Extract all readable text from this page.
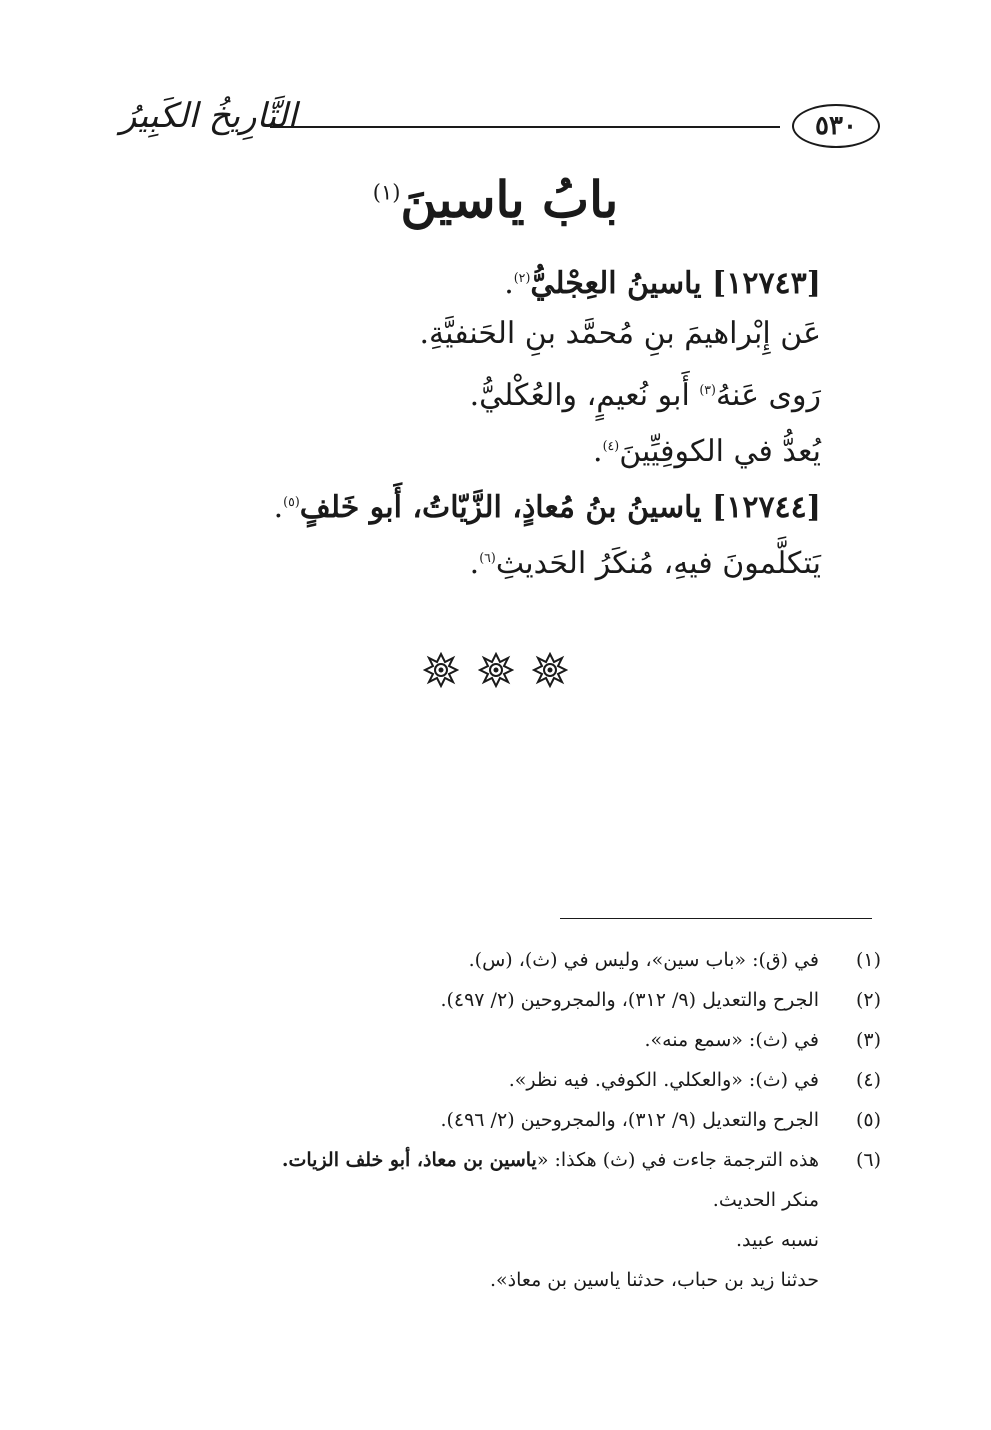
٥٣٠
التَّارِيخُ الكَبِيرُ
بابُ ياسينَ$^{(١)}$
[١٢٧٤٣] ياسينُ العِجْليُّ$^{(٢)}$.
عَن إِبْراهيمَ بنِ مُحمَّد بنِ الحَنفيَّةِ.
رَوى عَنهُ$^{(٣)}$ أَبو نُعيمٍ، والعُكْليُّ.
يُعدُّ في الكوفِيِّينَ$^{(٤)}$.
[١٢٧٤٤] ياسينُ بنُ مُعاذٍ، الزَّيّاتُ، أَبو خَلفٍ$^{(٥)}$.
يَتكلَّمونَ فيهِ، مُنكَرُ الحَديثِ$^{(٦)}$.

(١)
في (ق): «باب سين»، وليس في (ث)، (س).
(٢)
الجرح والتعديل (٩/ ٣١٢)، والمجروحين (٢/ ٤٩٧).
(٣)
في (ث): «سمع منه».
(٤)
في (ث): «والعكلي. الكوفي. فيه نظر».
(٥)
الجرح والتعديل (٩/ ٣١٢)، والمجروحين (٢/ ٤٩٦).
(٦)
هذه الترجمة جاءت في (ث) هكذا: «ياسين بن معاذ، أبو خلف الزيات.
منكر الحديث.
نسبه عبيد.
حدثنا زيد بن حباب، حدثنا ياسين بن معاذ».
